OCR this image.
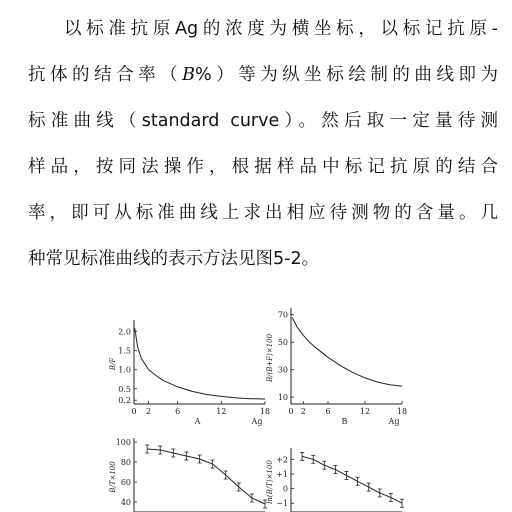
以标准抗原Ag的浓度为横坐标，以标记抗原-
抗体的结合率（B%）等为纵坐标绘制的曲线即为
标准曲线（standard curve）。然后取一定量待测
样品，按同法操作，根据样品中标记抗原的结合
率，即可从标准曲线上求出相应待测物的含量。几
种常见标准曲线的表示方法见图5-2。
0.2
0.5
1.0
1.5
2.0
0 2	6	12	18
Ag
A
B/F
10
30
50
70
0 2 6	12	18
Ag
B
B/(B+F)×100
40
60
80
100
B/T×100
+2
+1
0
−1
ln(B/T)×100
